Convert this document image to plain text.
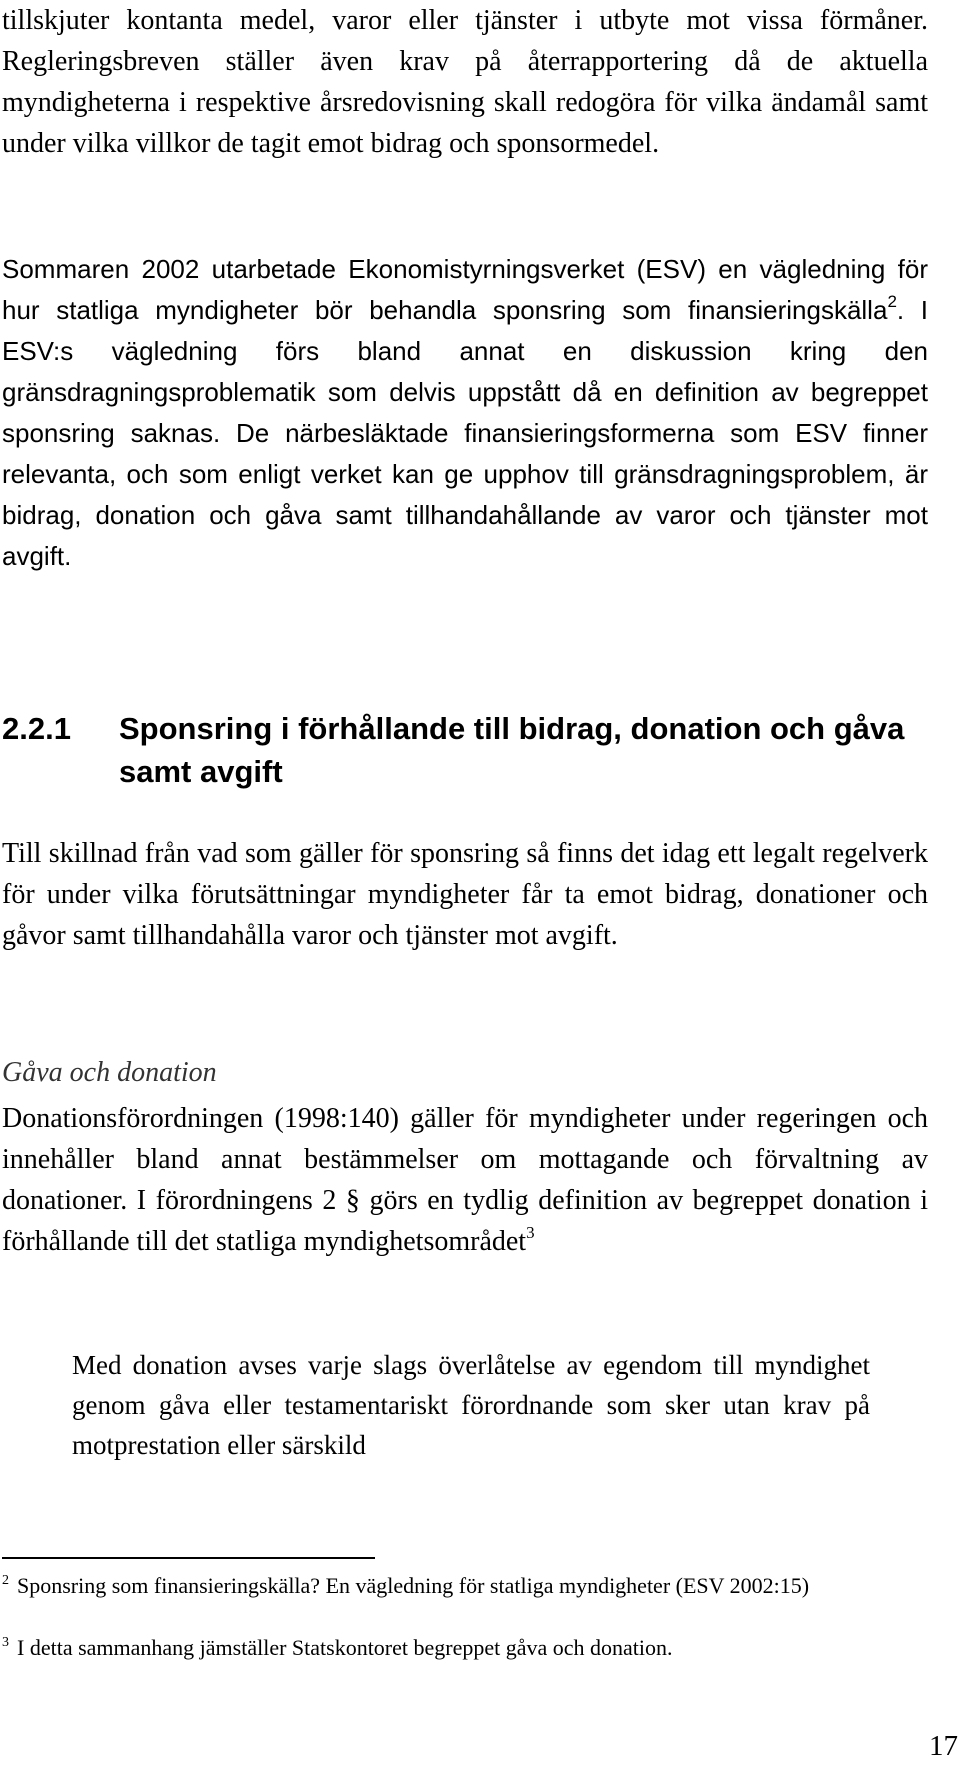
tillskjuter kontanta medel, varor eller tjänster i utbyte mot vissa förmåner. Regleringsbreven ställer även krav på återrapportering då de aktuella myndigheterna i respektive årsredovisning skall redogöra för vilka ändamål samt under vilka villkor de tagit emot bidrag och sponsormedel.

Sommaren 2002 utarbetade Ekonomistyrningsverket (ESV) en vägledning för hur statliga myndigheter bör behandla sponsring som finansieringskälla$^2$. I ESV:s vägledning förs bland annat en diskussion kring den gränsdragningsproblematik som delvis uppstått då en definition av begreppet sponsring saknas. De närbesläktade finansieringsformerna som ESV finner relevanta, och som enligt verket kan ge upphov till gränsdragningsproblem, är bidrag, donation och gåva samt tillhandahållande av varor och tjänster mot avgift.

2.2.1 Sponsring i förhållande till bidrag, donation och gåva samt avgift

Till skillnad från vad som gäller för sponsring så finns det idag ett legalt regelverk för under vilka förutsättningar myndigheter får ta emot bidrag, donationer och gåvor samt tillhandahålla varor och tjänster mot avgift.

Gåva och donation

Donationsförordningen (1998:140) gäller för myndigheter under regeringen och innehåller bland annat bestämmelser om mottagande och förvaltning av donationer. I förordningens 2 § görs en tydlig definition av begreppet donation i förhållande till det statliga myndighetsområdet$^3$

Med donation avses varje slags överlåtelse av egendom till myndighet genom gåva eller testamentariskt förordnande som sker utan krav på motprestation eller särskild

$^2$ Sponsring som finansieringskälla? En vägledning för statliga myndigheter (ESV 2002:15)

$^3$ I detta sammanhang jämställer Statskontoret begreppet gåva och donation.

17
